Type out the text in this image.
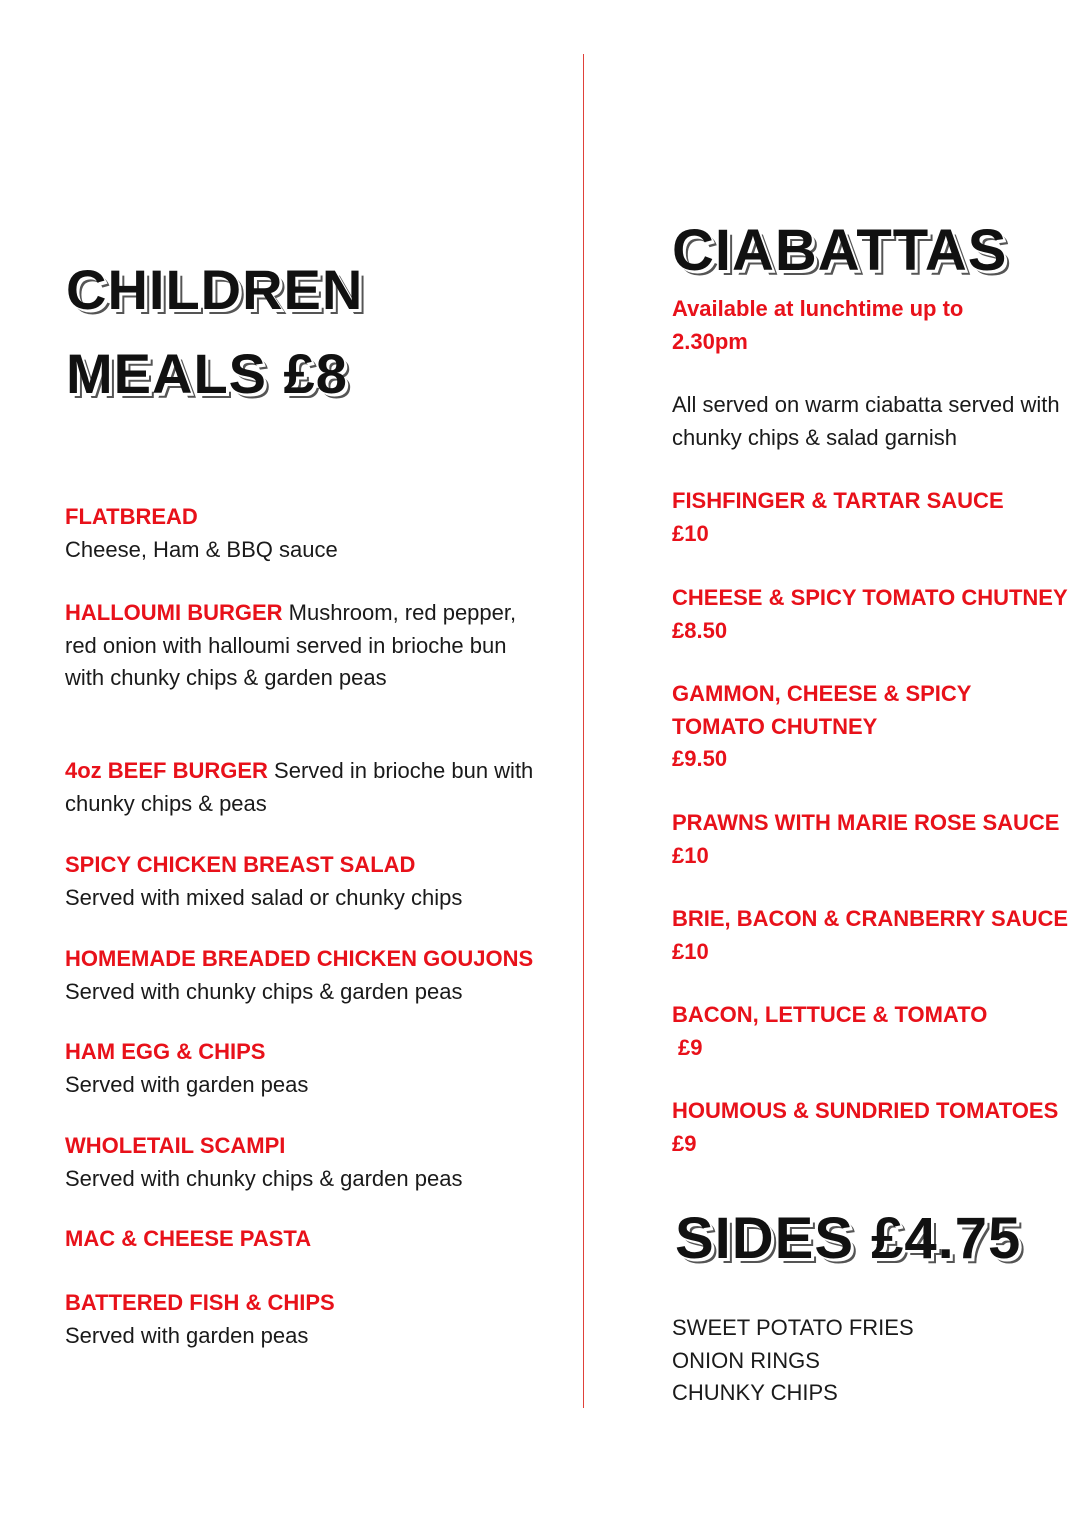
CHILDREN
MEALS £8

FLATBREAD
Cheese, Ham & BBQ sauce

HALLOUMI BURGER Mushroom, red pepper, red onion with halloumi served in brioche bun with chunky chips & garden peas

4oz BEEF BURGER Served in brioche bun with chunky chips & peas

SPICY CHICKEN BREAST SALAD
Served with mixed salad or chunky chips

HOMEMADE BREADED CHICKEN GOUJONS
Served with chunky chips & garden peas

HAM EGG & CHIPS
Served with garden peas

WHOLETAIL SCAMPI
Served with chunky chips & garden peas

MAC & CHEESE PASTA

BATTERED FISH & CHIPS
Served with garden peas

CIABATTAS

Available at lunchtime up to 2.30pm

All served on warm ciabatta served with chunky chips & salad garnish

FISHFINGER & TARTAR SAUCE
£10

CHEESE & SPICY TOMATO CHUTNEY
£8.50

GAMMON, CHEESE & SPICY TOMATO CHUTNEY
£9.50

PRAWNS WITH MARIE ROSE SAUCE
£10

BRIE, BACON & CRANBERRY SAUCE
£10

BACON, LETTUCE & TOMATO
£9

HOUMOUS & SUNDRIED TOMATOES
£9

SIDES £4.75

SWEET POTATO FRIES
ONION RINGS
CHUNKY CHIPS
